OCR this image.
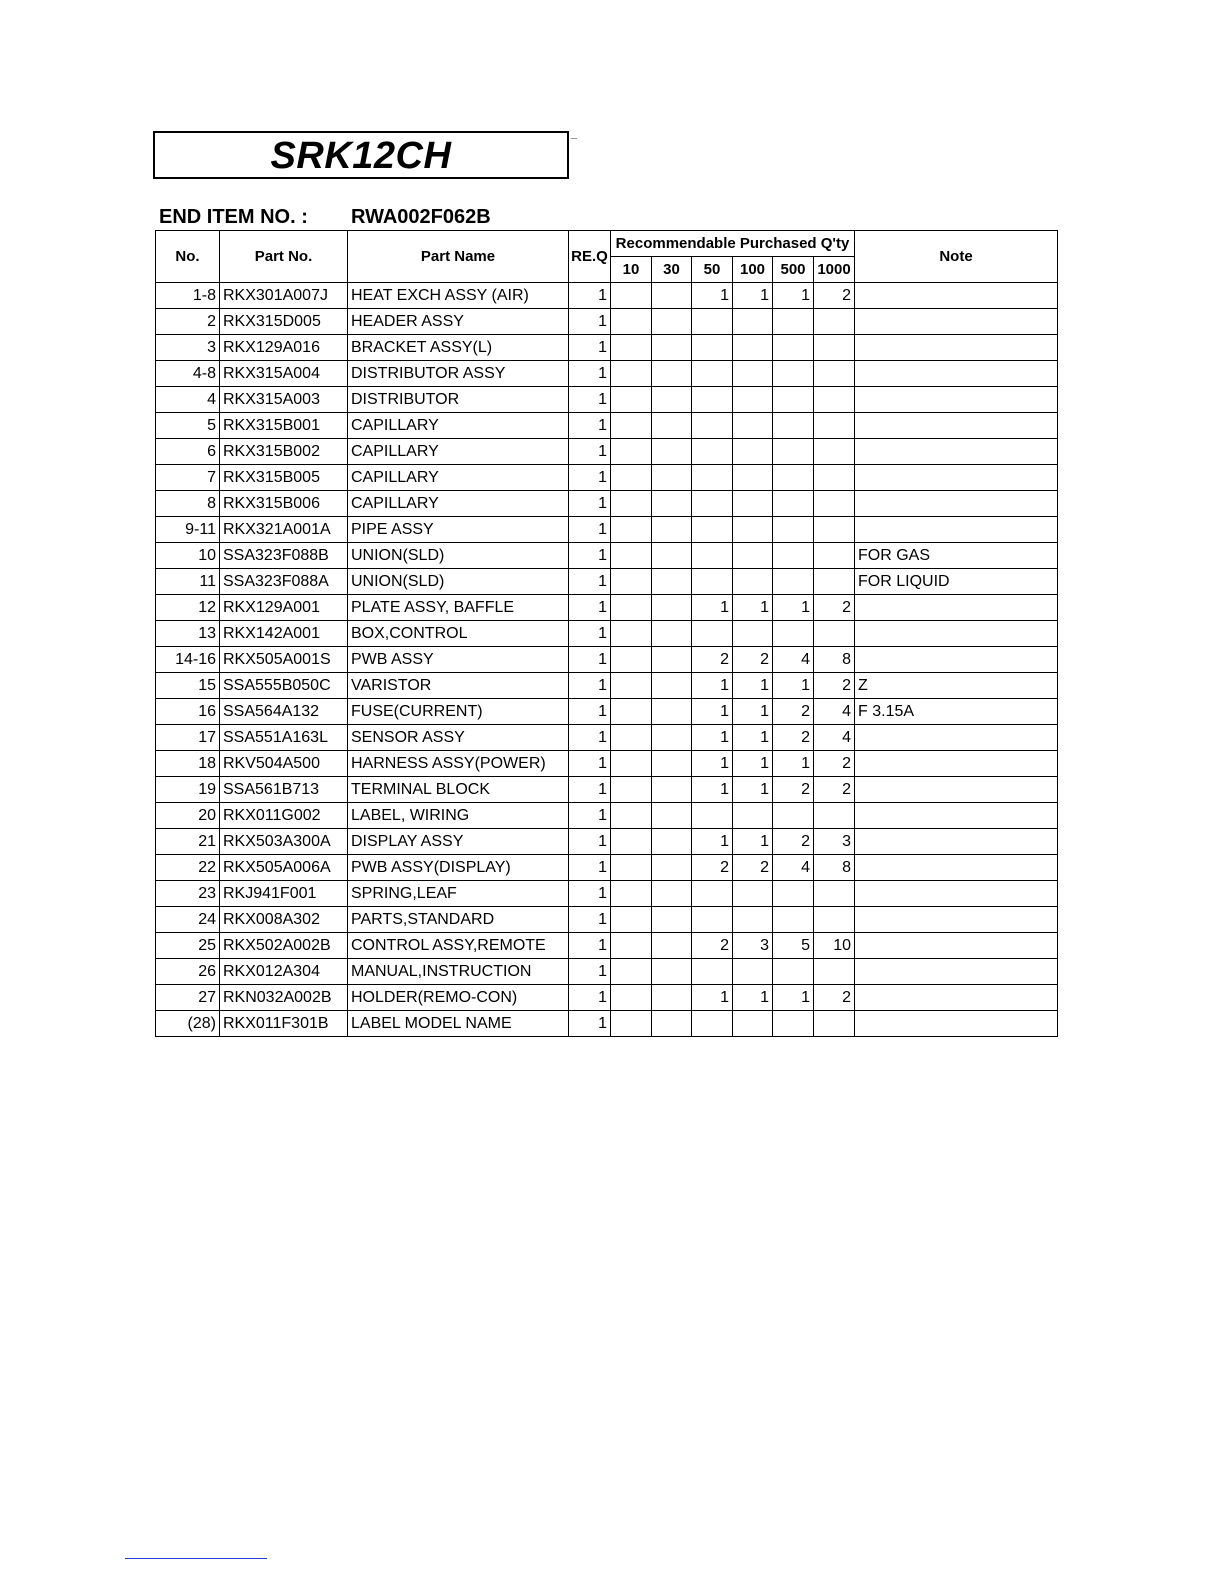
SRK12CH
END ITEM NO. : RWA002F062B
No.	Part No.	Part Name	RE.Q	Recommendable Purchased Q'ty						Note
				10	30	50	100	500	1000	
1-8	RKX301A007J	HEAT EXCH ASSY (AIR)	1			1	1	1	2	
2	RKX315D005	HEADER ASSY	1							
3	RKX129A016	BRACKET ASSY(L)	1							
4-8	RKX315A004	DISTRIBUTOR ASSY	1							
4	RKX315A003	DISTRIBUTOR	1							
5	RKX315B001	CAPILLARY	1							
6	RKX315B002	CAPILLARY	1							
7	RKX315B005	CAPILLARY	1							
8	RKX315B006	CAPILLARY	1							
9-11	RKX321A001A	PIPE ASSY	1							
10	SSA323F088B	UNION(SLD)	1							FOR GAS
11	SSA323F088A	UNION(SLD)	1							FOR LIQUID
12	RKX129A001	PLATE ASSY, BAFFLE	1			1	1	1	2	
13	RKX142A001	BOX,CONTROL	1							
14-16	RKX505A001S	PWB ASSY	1			2	2	4	8	
15	SSA555B050C	VARISTOR	1			1	1	1	2	Z
16	SSA564A132	FUSE(CURRENT)	1			1	1	2	4	F 3.15A
17	SSA551A163L	SENSOR ASSY	1			1	1	2	4	
18	RKV504A500	HARNESS ASSY(POWER)	1			1	1	1	2	
19	SSA561B713	TERMINAL BLOCK	1			1	1	2	2	
20	RKX011G002	LABEL, WIRING	1							
21	RKX503A300A	DISPLAY ASSY	1			1	1	2	3	
22	RKX505A006A	PWB ASSY(DISPLAY)	1			2	2	4	8	
23	RKJ941F001	SPRING,LEAF	1							
24	RKX008A302	PARTS,STANDARD	1							
25	RKX502A002B	CONTROL ASSY,REMOTE	1			2	3	5	10	
26	RKX012A304	MANUAL,INSTRUCTION	1							
27	RKN032A002B	HOLDER(REMO-CON)	1			1	1	1	2	
(28)	RKX011F301B	LABEL MODEL NAME	1							
